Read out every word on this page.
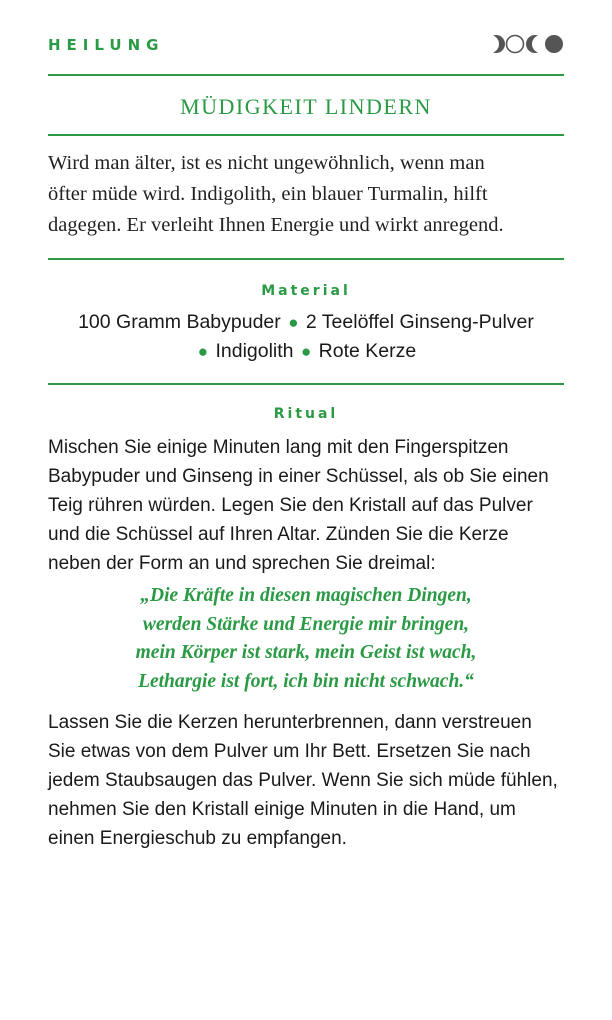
HEILUNG
MÜDIGKEIT LINDERN
Wird man älter, ist es nicht ungewöhnlich, wenn man
öfter müde wird. Indigolith, ein blauer Turmalin, hilft
dagegen. Er verleiht Ihnen Energie und wirkt anregend.
Material
100 Gramm Babypuder ● 2 Teelöffel Ginseng-Pulver
● Indigolith ● Rote Kerze
Ritual
Mischen Sie einige Minuten lang mit den Fingerspitzen
Babypuder und Ginseng in einer Schüssel, als ob Sie einen
Teig rühren würden. Legen Sie den Kristall auf das Pulver
und die Schüssel auf Ihren Altar. Zünden Sie die Kerze
neben der Form an und sprechen Sie dreimal:
„Die Kräfte in diesen magischen Dingen,
werden Stärke und Energie mir bringen,
mein Körper ist stark, mein Geist ist wach,
Lethargie ist fort, ich bin nicht schwach.“
Lassen Sie die Kerzen herunterbrennen, dann verstreuen
Sie etwas von dem Pulver um Ihr Bett. Ersetzen Sie nach
jedem Staubsaugen das Pulver. Wenn Sie sich müde fühlen,
nehmen Sie den Kristall einige Minuten in die Hand, um
einen Energieschub zu empfangen.
